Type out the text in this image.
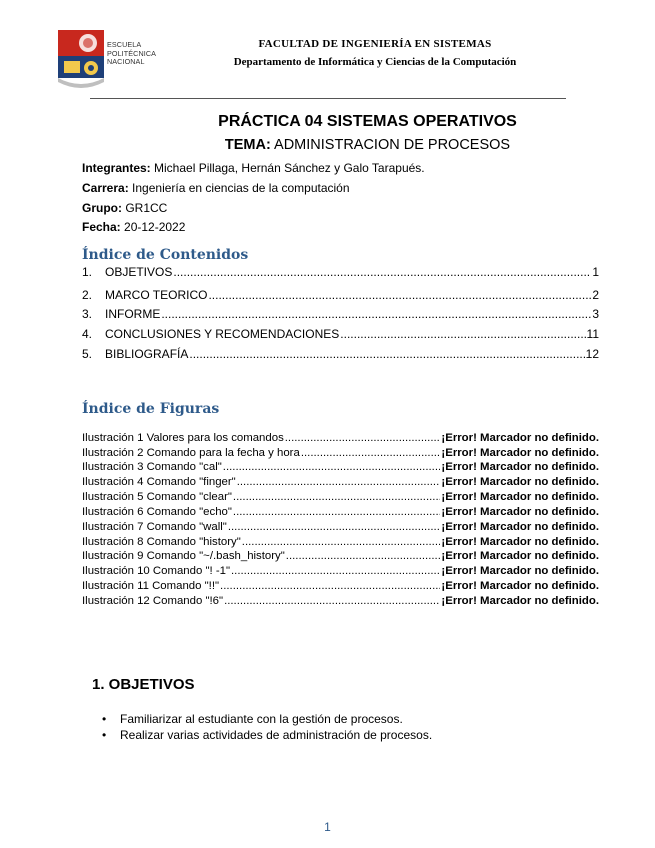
ESCUELA
POLITÉCNICA
NACIONAL
FACULTAD DE INGENIERÍA EN SISTEMAS
Departamento de Informática y Ciencias de la Computación
PRÁCTICA 04 SISTEMAS OPERATIVOS
TEMA: ADMINISTRACION DE PROCESOS
Integrantes: Michael Pillaga, Hernán Sánchez y Galo Tarapués.
Carrera: Ingeniería en ciencias de la computación
Grupo: GR1CC
Fecha: 20-12-2022
Índice de Contenidos
1.	OBJETIVOS .....	1
2.	MARCO TEORICO .....	2
3.	INFORME .....	3
4.	CONCLUSIONES Y RECOMENDACIONES .....	11
5.	BIBLIOGRAFÍA .....	12
Índice de Figuras
Ilustración 1 Valores para los comandos .....	¡Error! Marcador no definido.
Ilustración 2 Comando para la fecha y hora .....	¡Error! Marcador no definido.
Ilustración 3 Comando "cal" .....	¡Error! Marcador no definido.
Ilustración 4 Comando "finger" .....	¡Error! Marcador no definido.
Ilustración 5 Comando "clear" .....	¡Error! Marcador no definido.
Ilustración 6 Comando "echo" .....	¡Error! Marcador no definido.
Ilustración 7 Comando "wall" .....	¡Error! Marcador no definido.
Ilustración 8 Comando "history" .....	¡Error! Marcador no definido.
Ilustración 9 Comando "~/.bash_history" .....	¡Error! Marcador no definido.
Ilustración 10 Comando "! -1" .....	¡Error! Marcador no definido.
Ilustración 11 Comando "!!" .....	¡Error! Marcador no definido.
Ilustración 12 Comando "!6" .....	¡Error! Marcador no definido.
1. OBJETIVOS
•	Familiarizar al estudiante con la gestión de procesos.
•	Realizar varias actividades de administración de procesos.
1
